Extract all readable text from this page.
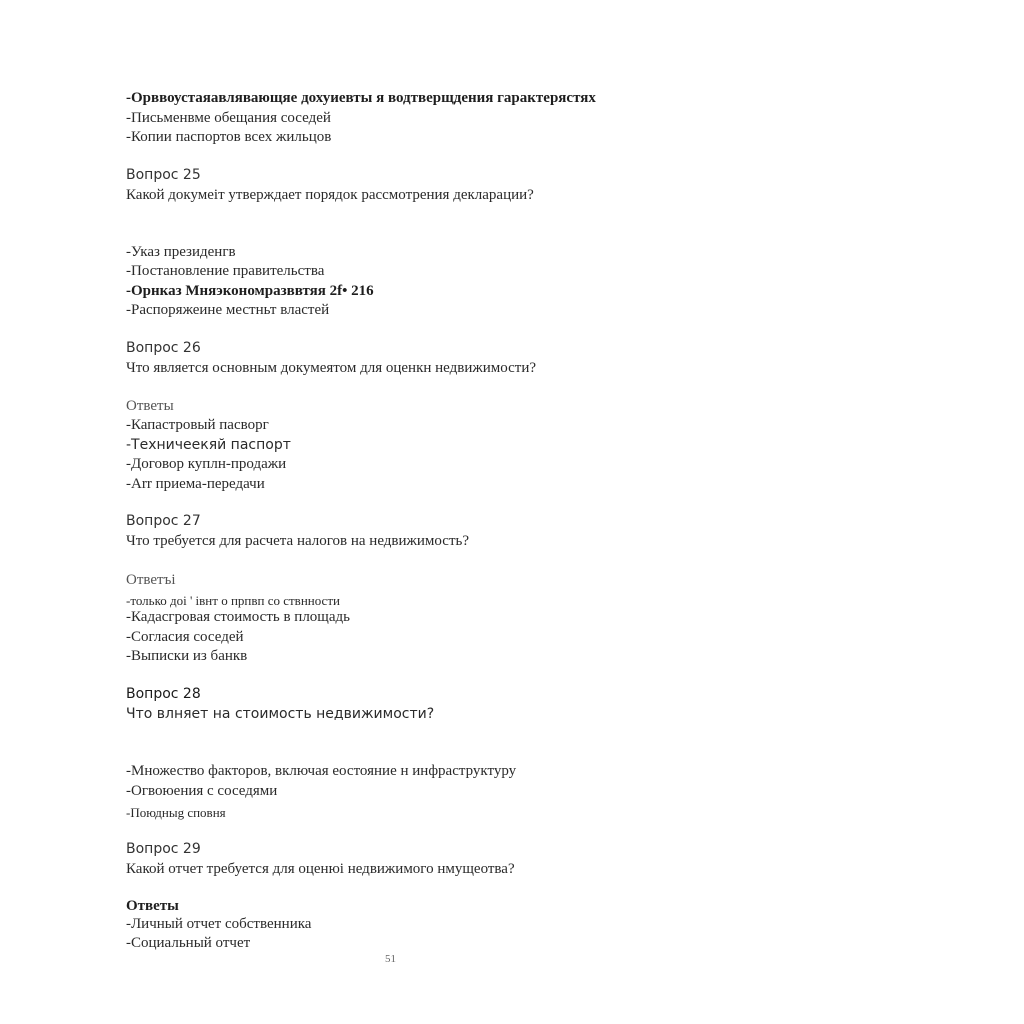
-Орввоустаяавлявающяе дохуиевты я водтверщдения гарактерястях
-Пиcьменвме обещания соседей
-Копии паспортов всех жильцов
Вопрос 25
Какой докумеiт утверждает порядок рассмотрения декларации?
-Указ президенгв
-Постановление правительства
-Орнказ Мняэкономразввтяя 2f• 216
-Распоряжеине местньт властей
Вопрос 26
Что является основным докумеятом для оценкн недвижимости?
Ответы
-Капастровый пасворг
-Техничеекяй паспорт
-Договор куплн-продажи
-Аrr приема-передачи
Вопрос 27
Что требуется для расчета налогов на недвижимость?
Ответъi
-только дoi ' iвнт о пpпвп со ствнности
-Кадасгровая стоимость в площадь
-Согласия соседей
-Выписки из банкв
Вопрос 28
Что влняет на стоимость недвижимости?
-Множество факторов, включая еостояние н инфраструктуру
-Огвоюения с соседями
-Поюдныg сповня
Вопрос 29
Какой отчет требуется для оценюi недвижимого нмущеотва?
Ответы
-Личный отчет собственника
-Социальный отчет
51
